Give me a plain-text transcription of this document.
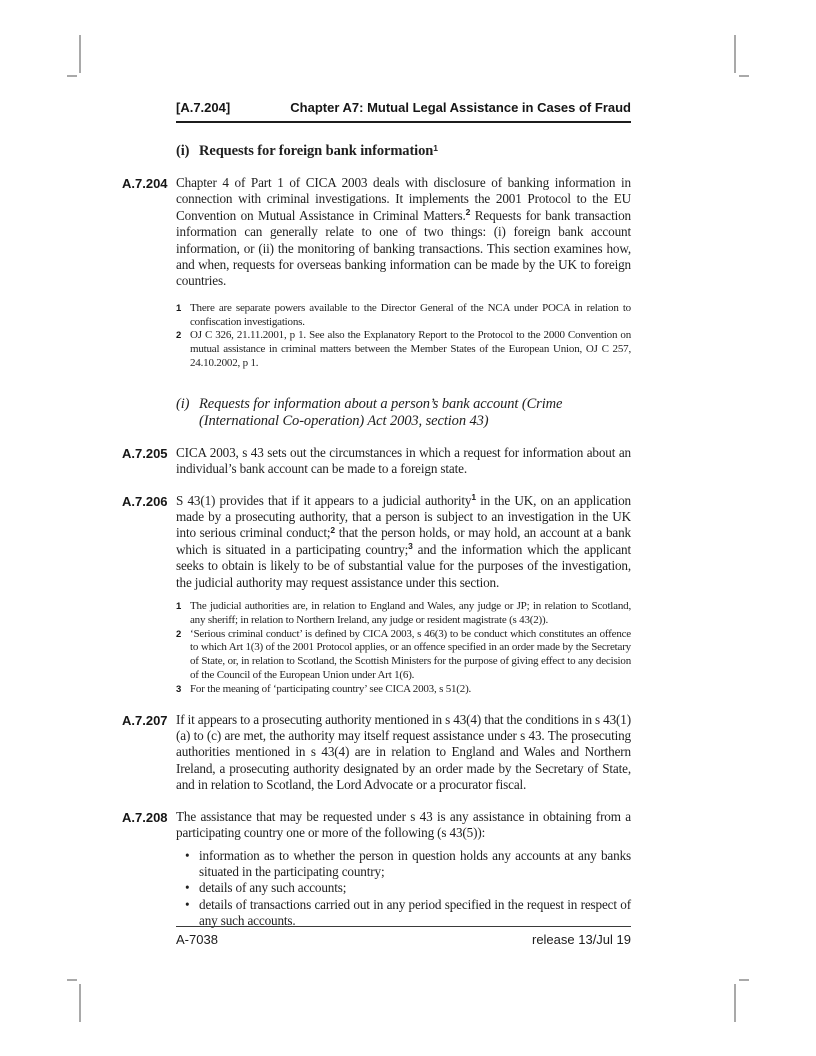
[A.7.204]	Chapter A7: Mutual Legal Assistance in Cases of Fraud
(i) Requests for foreign bank information$^1$
A.7.204 Chapter 4 of Part 1 of CICA 2003 deals with disclosure of banking information in connection with criminal investigations. It implements the 2001 Protocol to the EU Convention on Mutual Assistance in Criminal Matters.$^2$ Requests for bank transaction information can generally relate to one of two things: (i) foreign bank account information, or (ii) the monitoring of banking transactions. This section examines how, and when, requests for overseas banking information can be made by the UK to foreign countries.
1 There are separate powers available to the Director General of the NCA under POCA in relation to confiscation investigations.
2 OJ C 326, 21.11.2001, p 1. See also the Explanatory Report to the Protocol to the 2000 Convention on mutual assistance in criminal matters between the Member States of the European Union, OJ C 257, 24.10.2002, p 1.
(i) Requests for information about a person’s bank account (Crime (International Co-operation) Act 2003, section 43)
A.7.205 CICA 2003, s 43 sets out the circumstances in which a request for information about an individual’s bank account can be made to a foreign state.
A.7.206 S 43(1) provides that if it appears to a judicial authority$^1$ in the UK, on an application made by a prosecuting authority, that a person is subject to an investigation in the UK into serious criminal conduct;$^2$ that the person holds, or may hold, an account at a bank which is situated in a participating country;$^3$ and the information which the applicant seeks to obtain is likely to be of substantial value for the purposes of the investigation, the judicial authority may request assistance under this section.
1 The judicial authorities are, in relation to England and Wales, any judge or JP; in relation to Scotland, any sheriff; in relation to Northern Ireland, any judge or resident magistrate (s 43(2)).
2 ‘Serious criminal conduct’ is defined by CICA 2003, s 46(3) to be conduct which constitutes an offence to which Art 1(3) of the 2001 Protocol applies, or an offence specified in an order made by the Secretary of State, or, in relation to Scotland, the Scottish Ministers for the purpose of giving effect to any decision of the Council of the European Union under Art 1(6).
3 For the meaning of ‘participating country’ see CICA 2003, s 51(2).
A.7.207 If it appears to a prosecuting authority mentioned in s 43(4) that the conditions in s 43(1)(a) to (c) are met, the authority may itself request assistance under s 43. The prosecuting authorities mentioned in s 43(4) are in relation to England and Wales and Northern Ireland, a prosecuting authority designated by an order made by the Secretary of State, and in relation to Scotland, the Lord Advocate or a procurator fiscal.
A.7.208 The assistance that may be requested under s 43 is any assistance in obtaining from a participating country one or more of the following (s 43(5)):
• information as to whether the person in question holds any accounts at any banks situated in the participating country;
• details of any such accounts;
• details of transactions carried out in any period specified in the request in respect of any such accounts.
A-7038	release 13/Jul 19
